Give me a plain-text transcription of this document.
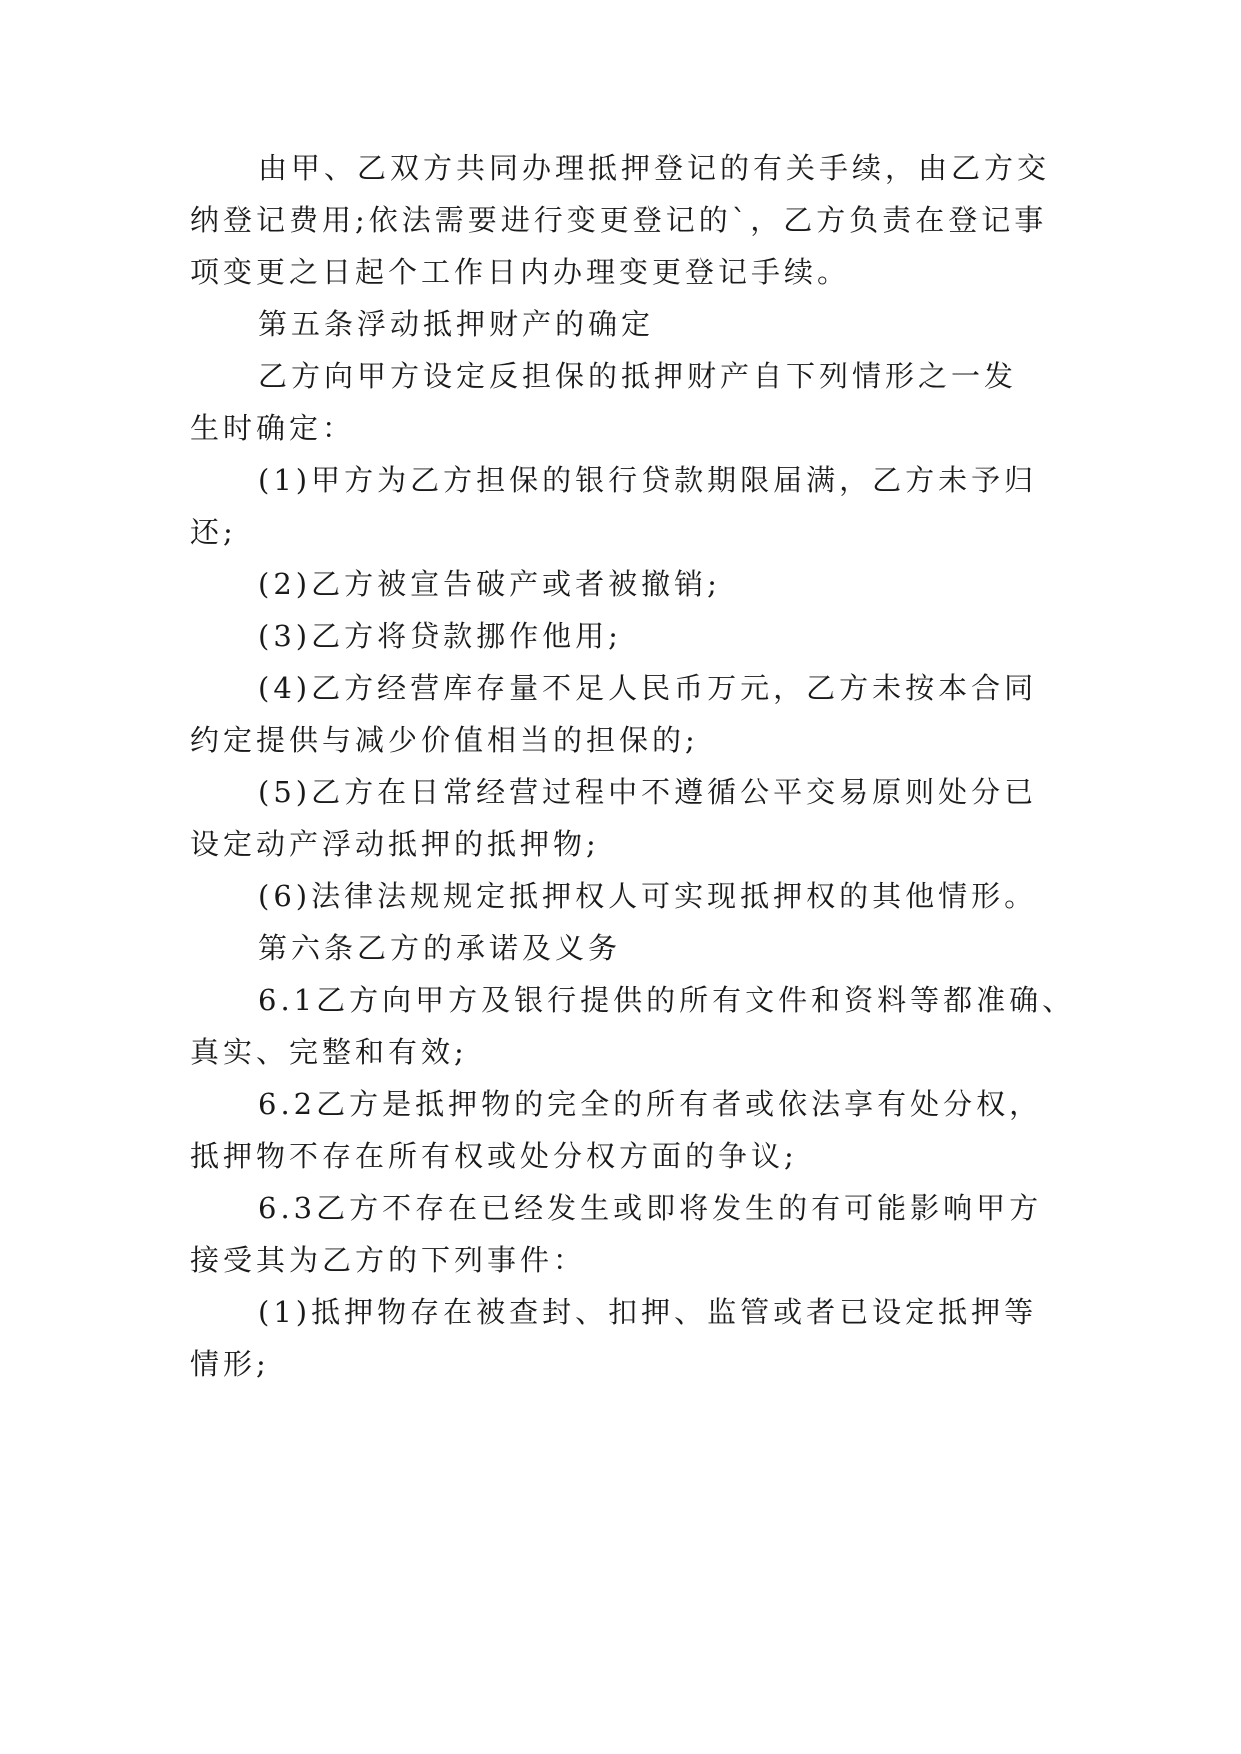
由甲、乙双方共同办理抵押登记的有关手续，由乙方交
纳登记费用;依法需要进行变更登记的`，乙方负责在登记事
项变更之日起个工作日内办理变更登记手续。
第五条浮动抵押财产的确定
乙方向甲方设定反担保的抵押财产自下列情形之一发
生时确定：
(1)甲方为乙方担保的银行贷款期限届满，乙方未予归
还;
(2)乙方被宣告破产或者被撤销;
(3)乙方将贷款挪作他用;
(4)乙方经营库存量不足人民币万元，乙方未按本合同
约定提供与减少价值相当的担保的;
(5)乙方在日常经营过程中不遵循公平交易原则处分已
设定动产浮动抵押的抵押物;
(6)法律法规规定抵押权人可实现抵押权的其他情形。
第六条乙方的承诺及义务
6.1乙方向甲方及银行提供的所有文件和资料等都准确、
真实、完整和有效;
6.2乙方是抵押物的完全的所有者或依法享有处分权，
抵押物不存在所有权或处分权方面的争议;
6.3乙方不存在已经发生或即将发生的有可能影响甲方
接受其为乙方的下列事件：
(1)抵押物存在被查封、扣押、监管或者已设定抵押等
情形;
